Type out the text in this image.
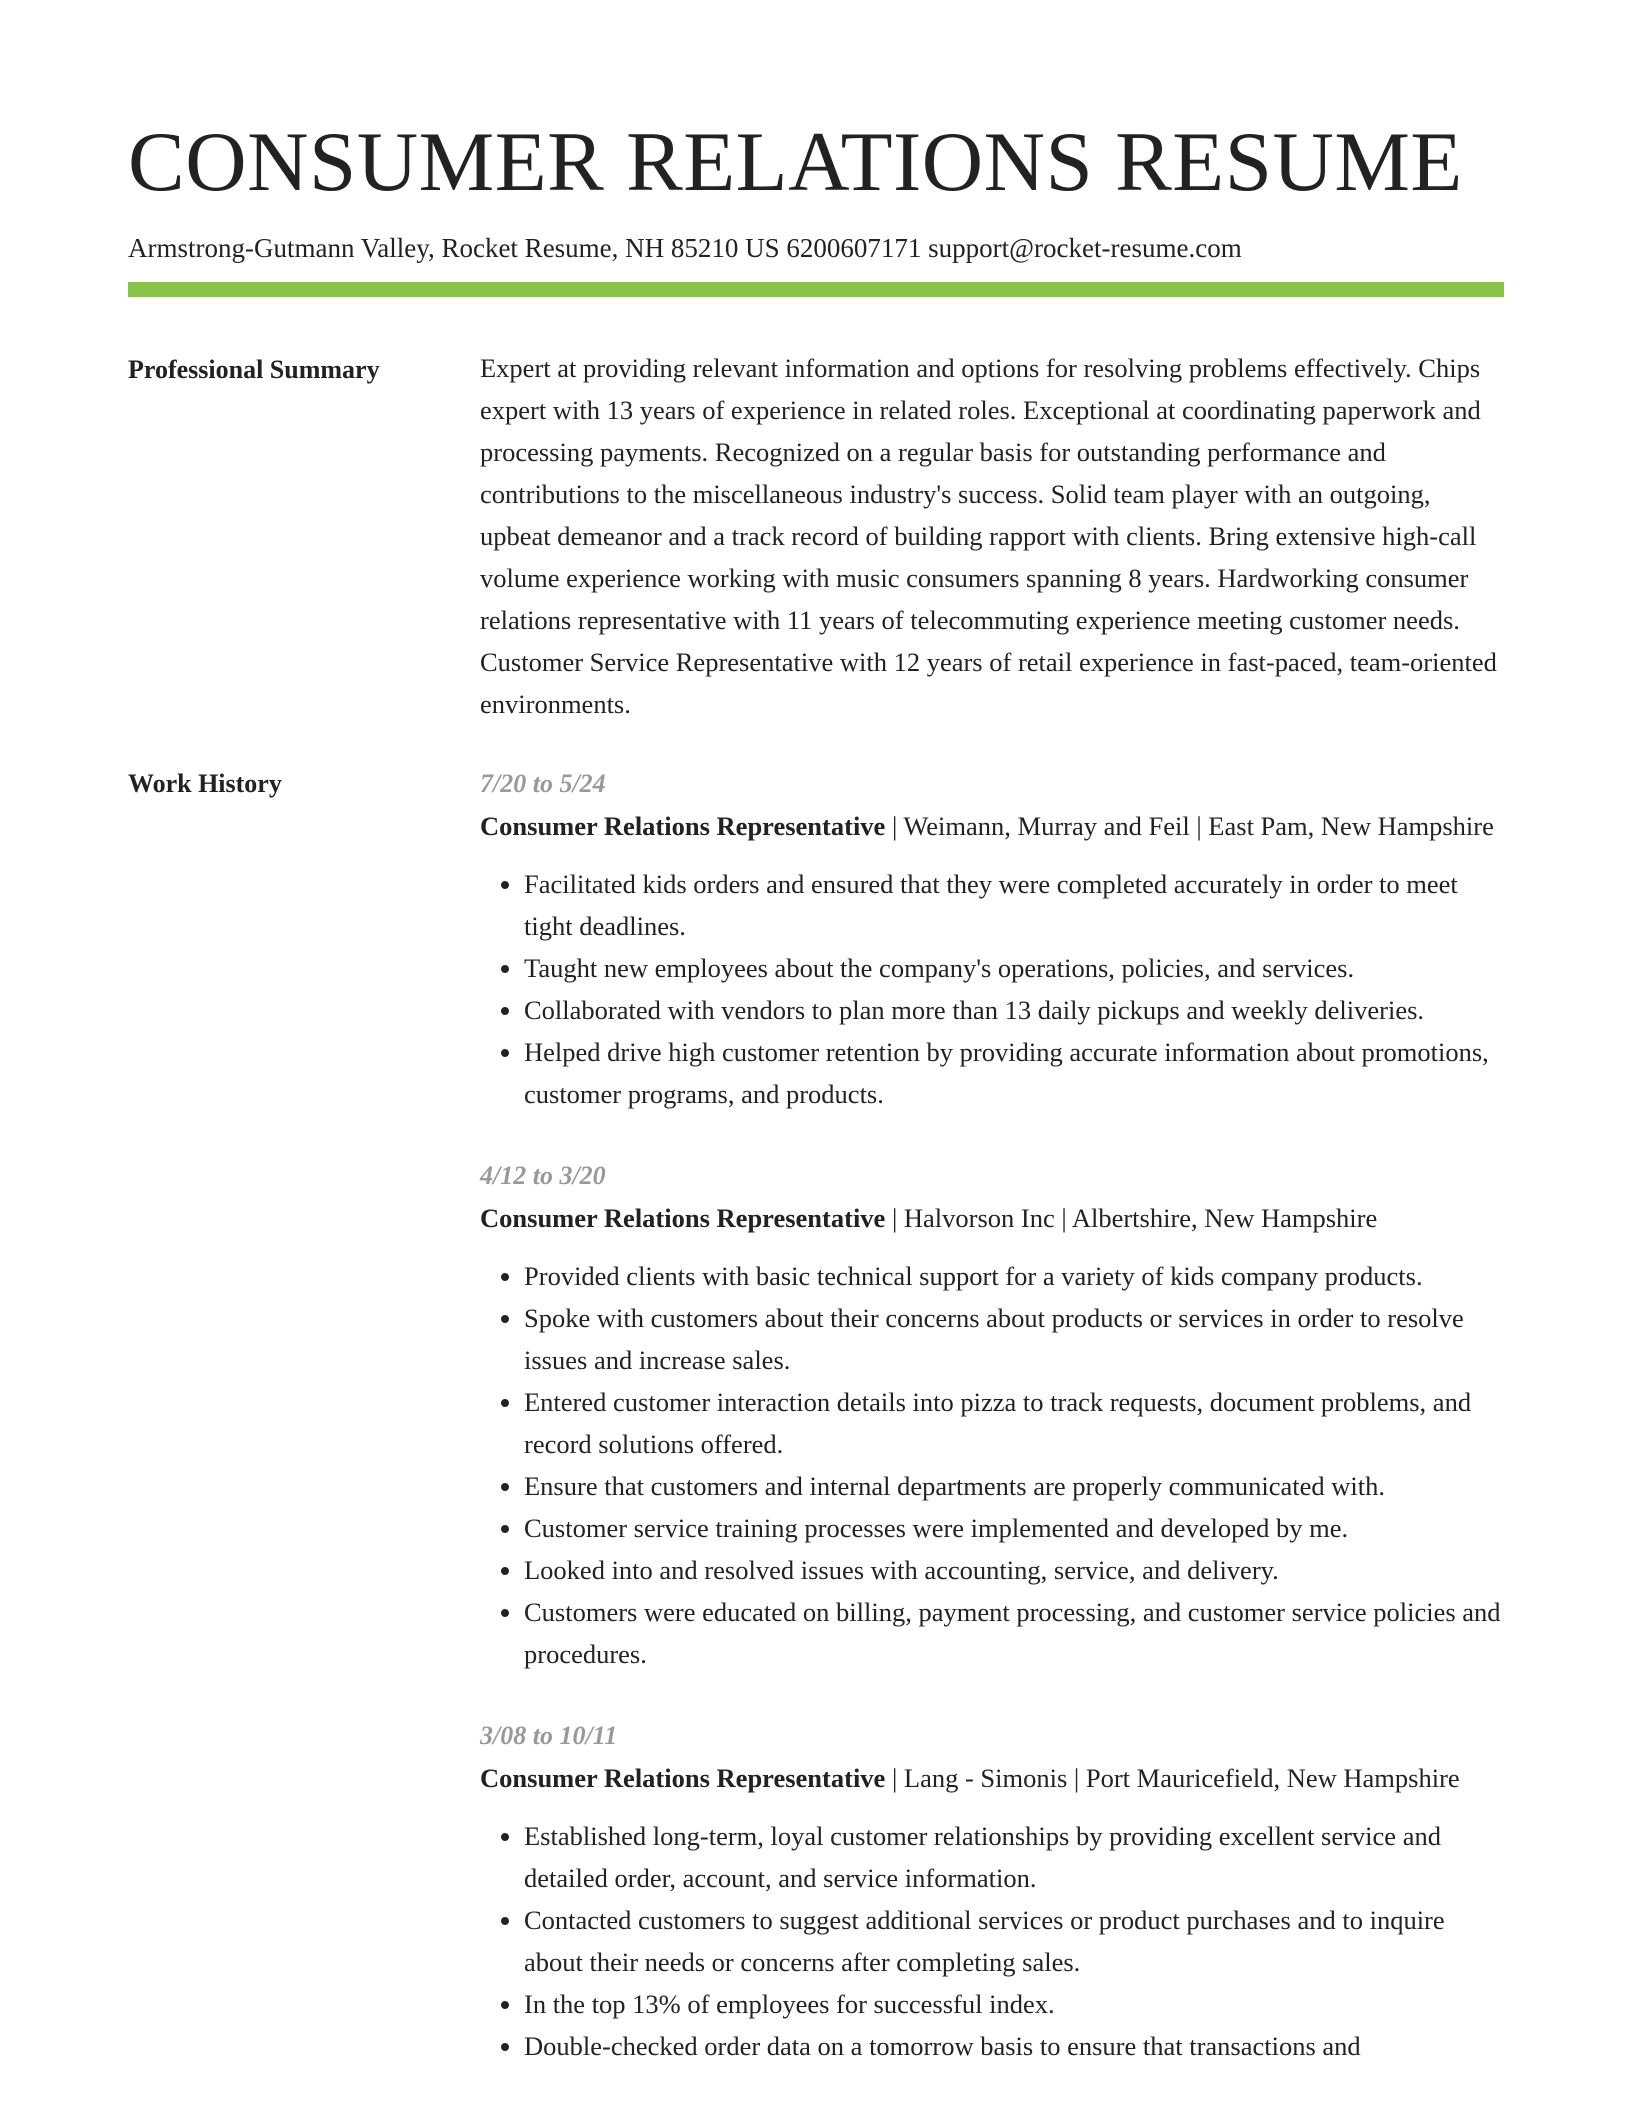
CONSUMER RELATIONS RESUME
Armstrong-Gutmann Valley, Rocket Resume, NH 85210 US 6200607171 support@rocket-resume.com
Professional Summary	Expert at providing relevant information and options for resolving problems effectively. Chips expert with 13 years of experience in related roles. Exceptional at coordinating paperwork and processing payments. Recognized on a regular basis for outstanding performance and contributions to the miscellaneous industry's success. Solid team player with an outgoing, upbeat demeanor and a track record of building rapport with clients. Bring extensive high-call volume experience working with music consumers spanning 8 years. Hardworking consumer relations representative with 11 years of telecommuting experience meeting customer needs. Customer Service Representative with 12 years of retail experience in fast-paced, team-oriented environments.

Work History	7/20 to 5/24
Consumer Relations Representative | Weimann, Murray and Feil | East Pam, New Hampshire
• Facilitated kids orders and ensured that they were completed accurately in order to meet tight deadlines.
• Taught new employees about the company's operations, policies, and services.
• Collaborated with vendors to plan more than 13 daily pickups and weekly deliveries.
• Helped drive high customer retention by providing accurate information about promotions, customer programs, and products.
4/12 to 3/20
Consumer Relations Representative | Halvorson Inc | Albertshire, New Hampshire
• Provided clients with basic technical support for a variety of kids company products.
• Spoke with customers about their concerns about products or services in order to resolve issues and increase sales.
• Entered customer interaction details into pizza to track requests, document problems, and record solutions offered.
• Ensure that customers and internal departments are properly communicated with.
• Customer service training processes were implemented and developed by me.
• Looked into and resolved issues with accounting, service, and delivery.
• Customers were educated on billing, payment processing, and customer service policies and procedures.
3/08 to 10/11
Consumer Relations Representative | Lang - Simonis | Port Mauricefield, New Hampshire
• Established long-term, loyal customer relationships by providing excellent service and detailed order, account, and service information.
• Contacted customers to suggest additional services or product purchases and to inquire about their needs or concerns after completing sales.
• In the top 13% of employees for successful index.
• Double-checked order data on a tomorrow basis to ensure that transactions and
